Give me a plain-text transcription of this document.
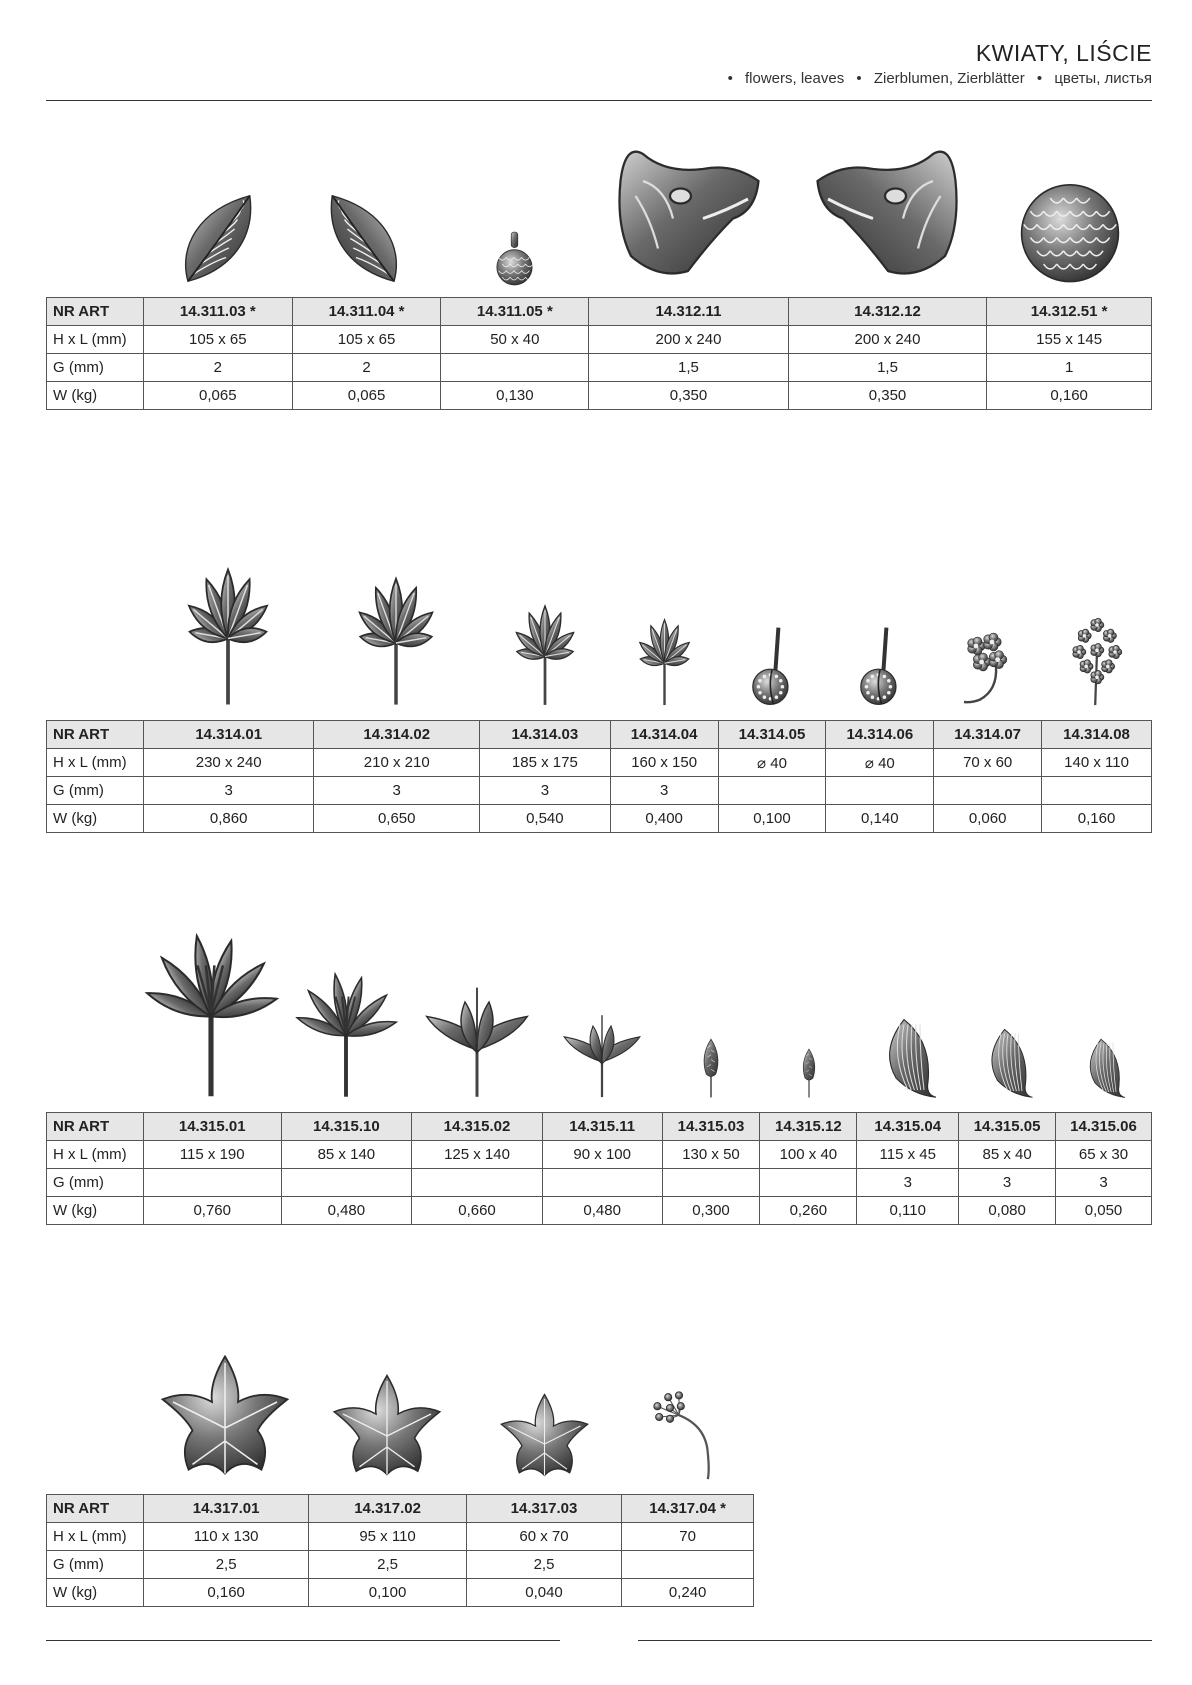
KWIATY, LIŚCIE
• flowers, leaves • Zierblumen, Zierblätter • цветы, листья
NR ART	14.311.03 *	14.311.04 *	14.311.05 *	14.312.11	14.312.12	14.312.51 *
H x L (mm)	105 x 65	105 x 65	50 x 40	200 x 240	200 x 240	155 x 145
G (mm)	2	2		1,5	1,5	1
W (kg)	0,065	0,065	0,130	0,350	0,350	0,160
NR ART	14.314.01	14.314.02	14.314.03	14.314.04	14.314.05	14.314.06	14.314.07	14.314.08
H x L (mm)	230 x 240	210 x 210	185 x 175	160 x 150	⌀ 40	⌀ 40	70 x 60	140 x 110
G (mm)	3	3	3	3				
W (kg)	0,860	0,650	0,540	0,400	0,100	0,140	0,060	0,160
NR ART	14.315.01	14.315.10	14.315.02	14.315.11	14.315.03	14.315.12	14.315.04	14.315.05	14.315.06
H x L (mm)	115 x 190	85 x 140	125 x 140	90 x 100	130 x 50	100 x 40	115 x 45	85 x 40	65 x 30
G (mm)							3	3	3
W (kg)	0,760	0,480	0,660	0,480	0,300	0,260	0,110	0,080	0,050
NR ART	14.317.01	14.317.02	14.317.03	14.317.04 *
H x L (mm)	110 x 130	95 x 110	60 x 70	70
G (mm)	2,5	2,5	2,5	
W (kg)	0,160	0,100	0,040	0,240
